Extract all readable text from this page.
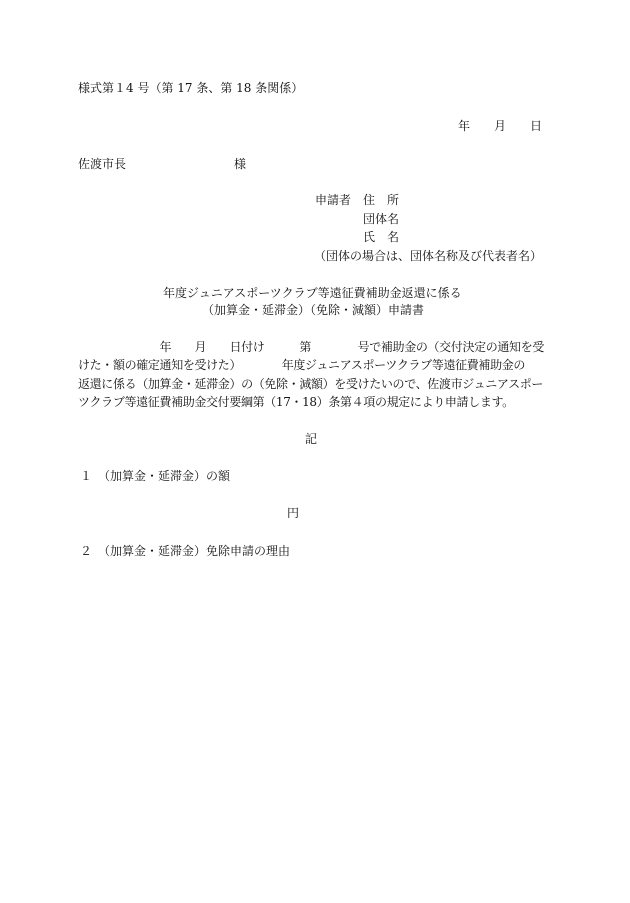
様式第１4 号（第 17 条、第 18 条関係）
年　　月　　日
佐渡市長　　　　　　　　　様
申請者 住　所
団体名
氏　名
（団体の場合は、団体名称及び代表者名）
年度ジュニアスポーツクラブ等遠征費補助金返還に係る
（加算金・延滞金）（免除・減額）申請書
　　　　　　　年　　月　　日付け　　　第　　　　号で補助金の（交付決定の通知を受
けた・額の確定通知を受けた）　　　　年度ジュニアスポーツクラブ等遠征費補助金の
返還に係る（加算金・延滞金）の（免除・減額）を受けたいので、佐渡市ジュニアスポー
ツクラブ等遠征費補助金交付要綱第（17・18）条第４項の規定により申請します。
記
１　（加算金・延滞金）の額
円
２　（加算金・延滞金）免除申請の理由
